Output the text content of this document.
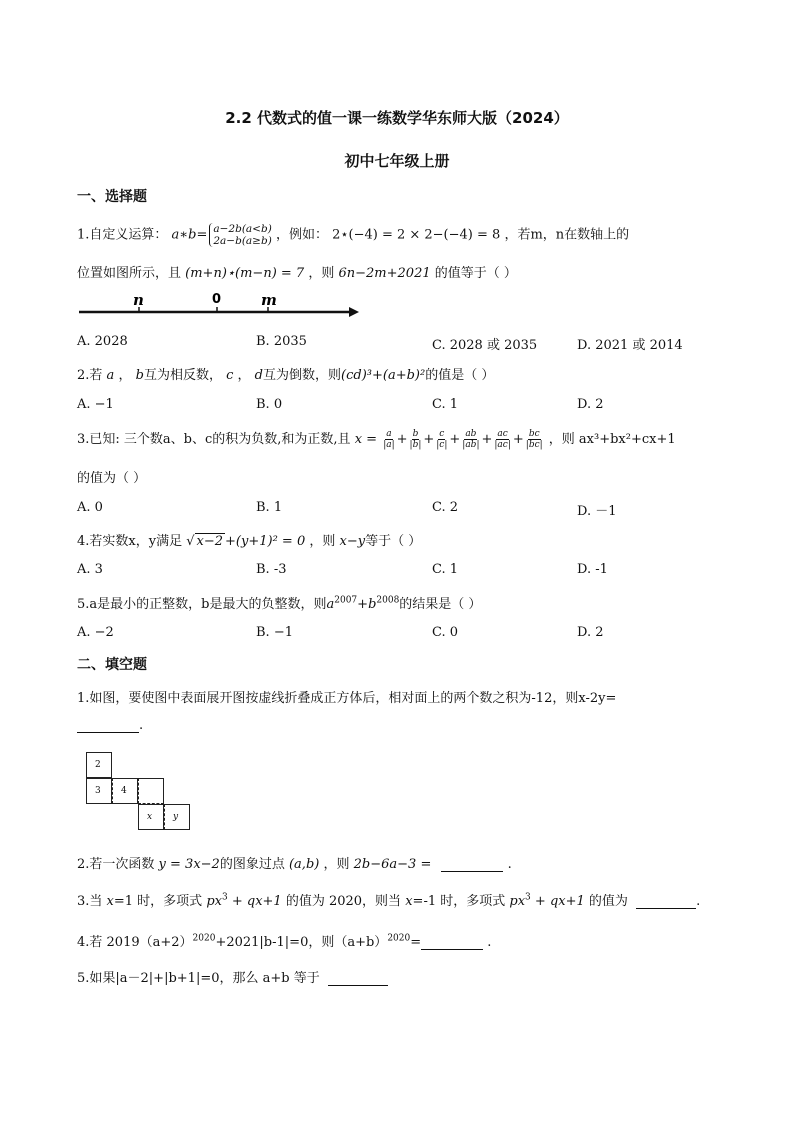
2.2 代数式的值一课一练数学华东师大版（2024）
初中七年级上册
一、选择题
1.自定义运算： a∗b= a−2b(a<b)
2a−b(a≥b) ，例如： 2⋆(−4) = 2 × 2−(−4) = 8 ，若m，n在数轴上的
位置如图所示，且 (m+n)⋆(m−n) = 7 ，则 6n−2m+2021 的值等于（ ）
n	0	m
A. 2028	B. 2035	C. 2028 或 2035	D. 2021 或 2014
2.若 a ， b互为相反数， c ， d互为倒数，则(cd)³+(a+b)²的值是（ ）
A. −1	B. 0	C. 1	D. 2
3.已知: 三个数a、b、c的积为负数,和为正数,且 $x = \frac{a}{|a|} + \frac{b}{|b|} + \frac{c}{|c|} + \frac{ab}{|ab|} + \frac{ac}{|ac|} + \frac{bc}{|bc|}$ ，则 ax³+bx²+cx+1
的值为（ ）
A. 0	B. 1	C. 2	D. －1
4.若实数x，y满足 √ x−2 +(y+1)² = 0 ，则 x−y等于（ ）
A. 3	B. -3	C. 1	D. -1
5.a是最小的正整数，b是最大的负整数，则$a^{2007}+b^{2008}$的结果是（ ）
A. −2	B. −1	C. 0	D. 2
二、填空题
1.如图，要使图中表面展开图按虚线折叠成正方体后，相对面上的两个数之积为-12，则x-2y=
.
2
3 4
x y
2.若一次函数 y = 3x−2的图象过点 (a,b) ，则 2b−6a−3 =	.
3.当 x=1 时，多项式 $px^3 + qx+1$ 的值为 2020，则当 x=-1 时，多项式 $px^3 + qx+1$ 的值为	.
4.若 $2019(a+2)^{2020}+2021|b-1|=0$，则$(a+b)^{2020}=$	.
5.如果|a－2|+|b+1|=0，那么 a+b 等于
